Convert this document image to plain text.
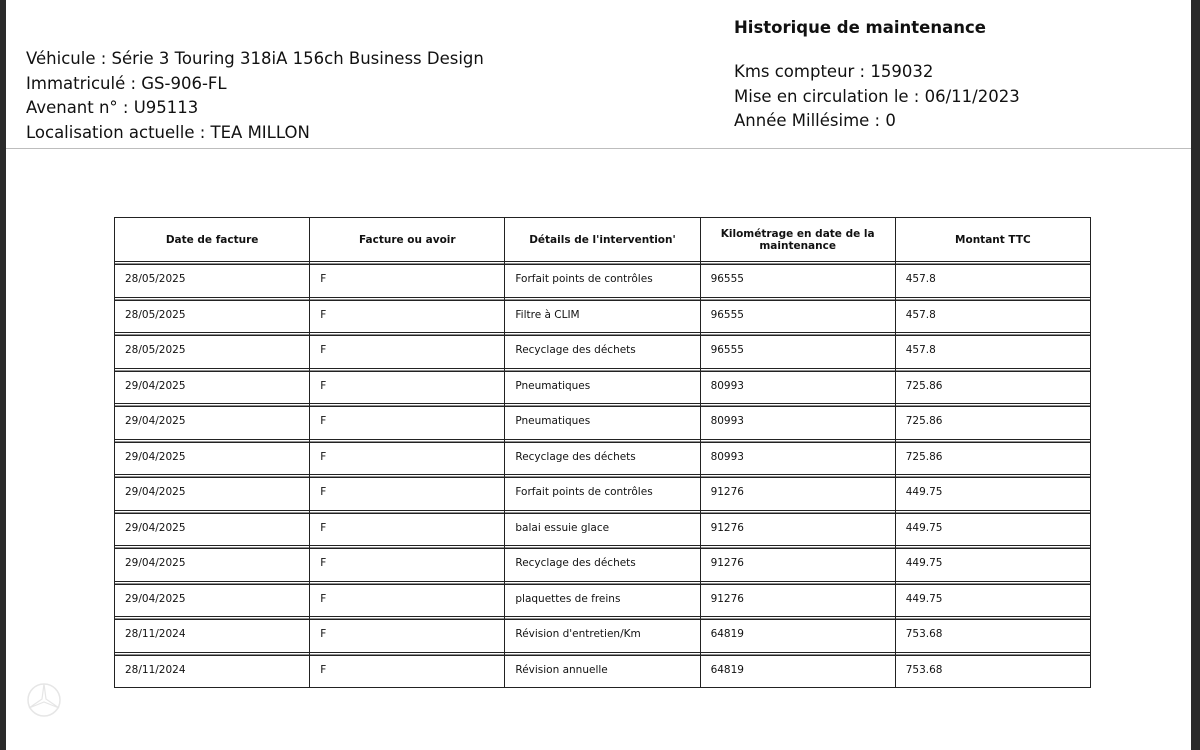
Véhicule : Série 3 Touring 318iA 156ch Business Design
Immatriculé : GS-906-FL
Avenant n° : U95113
Localisation actuelle : TEA MILLON
Historique de maintenance
Kms compteur : 159032
Mise en circulation le : 06/11/2023
Année Millésime : 0
Date de facture	Facture ou avoir	Détails de l'intervention'	Kilométrage en date de la maintenance	Montant TTC
28/05/2025	F	Forfait points de contrôles	96555	457.8
28/05/2025	F	Filtre à CLIM	96555	457.8
28/05/2025	F	Recyclage des déchets	96555	457.8
29/04/2025	F	Pneumatiques	80993	725.86
29/04/2025	F	Pneumatiques	80993	725.86
29/04/2025	F	Recyclage des déchets	80993	725.86
29/04/2025	F	Forfait points de contrôles	91276	449.75
29/04/2025	F	balai essuie glace	91276	449.75
29/04/2025	F	Recyclage des déchets	91276	449.75
29/04/2025	F	plaquettes de freins	91276	449.75
28/11/2024	F	Révision d'entretien/Km	64819	753.68
28/11/2024	F	Révision annuelle	64819	753.68
